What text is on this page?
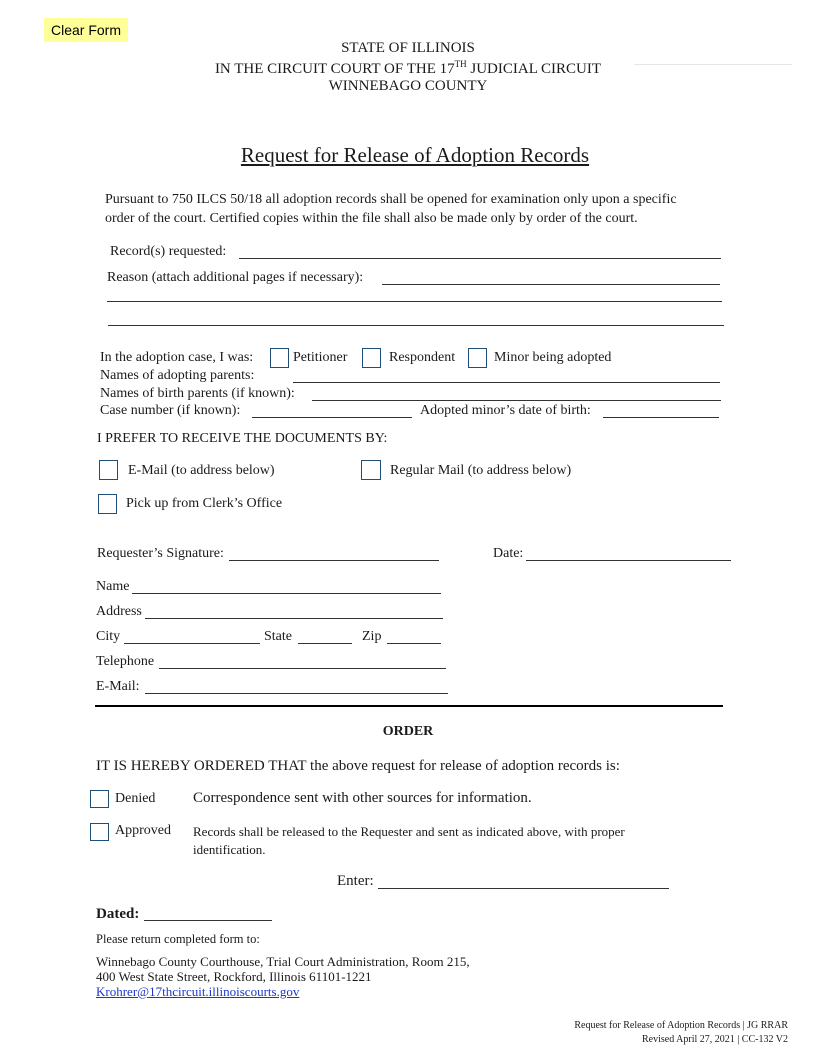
Clear Form
STATE OF ILLINOIS
IN THE CIRCUIT COURT OF THE 17TH JUDICIAL CIRCUIT
WINNEBAGO COUNTY
Request for Release of Adoption Records
Pursuant to 750 ILCS 50/18 all adoption records shall be opened for examination only upon a specific
order of the court. Certified copies within the file shall also be made only by order of the court.
Record(s) requested:
Reason (attach additional pages if necessary):
In the adoption case, I was:	Petitioner	Respondent	Minor being adopted
Names of adopting parents:
Names of birth parents (if known):
Case number (if known):	Adopted minor’s date of birth:
I PREFER TO RECEIVE THE DOCUMENTS BY:
E-Mail (to address below)	Regular Mail (to address below)
Pick up from Clerk’s Office
Requester’s Signature:	Date:
Name
Address
City	State	Zip
Telephone
E-Mail:
ORDER
IT IS HEREBY ORDERED THAT the above request for release of adoption records is:
Denied	Correspondence sent with other sources for information.
Approved Records shall be released to the Requester and sent as indicated above, with proper
identification.
Enter:
Dated:
Please return completed form to:
Winnebago County Courthouse, Trial Court Administration, Room 215,
400 West State Street, Rockford, Illinois 61101-1221
Krohrer@17thcircuit.illinoiscourts.gov
Request for Release of Adoption Records | JG RRAR
Revised April 27, 2021 | CC-132 V2
